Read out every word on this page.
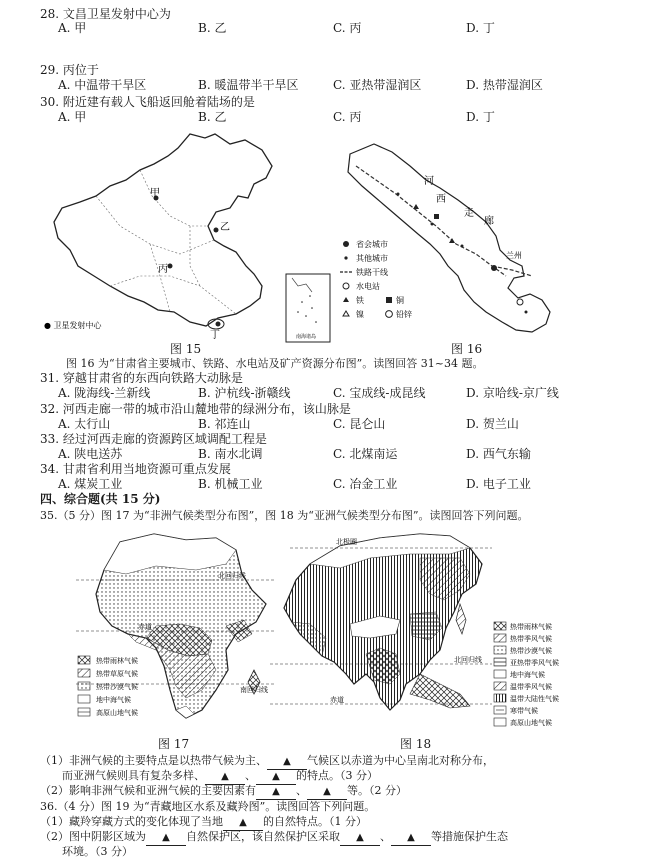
28. 文昌卫星发射中心为
A. 甲	B. 乙	C. 丙	D. 丁
29. 丙位于
A. 中温带干旱区	B. 暖温带半干旱区	C. 亚热带湿润区	D. 热带湿润区
30. 附近建有载人飞船返回舱着陆场的是
A. 甲	B. 乙	C. 丙	D. 丁
甲
乙
丙
丁	南海诸岛
● 卫星发射中心
图 15
河
西
走
廊
兰州
省会城市
其他城市
铁路干线
水电站
铁	铜
镍	铅锌
图 16
图 16 为“甘肃省主要城市、铁路、水电站及矿产资源分布图”。读图回答 31~34 题。
31. 穿越甘肃省的东西向铁路大动脉是
A. 陇海线-兰新线	B. 沪杭线-浙赣线	C. 宝成线-成昆线	D. 京哈线-京广线
32. 河西走廊一带的城市沿山麓地带的绿洲分布，该山脉是
A. 太行山	B. 祁连山	C. 昆仑山	D. 贺兰山
33. 经过河西走廊的资源跨区域调配工程是
A. 陕电送苏	B. 南水北调	C. 北煤南运	D. 西气东输
34. 甘肃省利用当地资源可重点发展
A. 煤炭工业	B. 机械工业	C. 冶金工业	D. 电子工业
四、综合题(共 15 分)
35.（5 分）图 17 为“非洲气候类型分布图”，图 18 为“亚洲气候类型分布图”。读图回答下列问题。
北回归线
赤道
南回归线
热带雨林气候
热带草原气候
热带沙漠气候
地中海气候
高原山地气候
图 17
北极圈
北回归线
赤道
热带雨林气候
热带季风气候
热带沙漠气候
亚热带季风气候
地中海气候
温带季风气候
温带大陆性气候
寒带气候
高原山地气候
图 18
（1）非洲气候的主要特点是以热带气候为主、 ▲ 气候区以赤道为中心呈南北对称分布，
而亚洲气候则具有复杂多样、 ▲ 、 ▲ 的特点。（3 分）
（2）影响非洲气候和亚洲气候的主要因素有 ▲ 、 ▲ 等。（2 分）
36.（4 分）图 19 为“青藏地区水系及藏羚图”。读图回答下列问题。
（1）藏羚穿藏方式的变化体现了当地 ▲ 的自然特点。（1 分）
（2）图中阴影区域为 ▲ 自然保护区，该自然保护区采取 ▲ 、 ▲ 等措施保护生态
环境。（3 分）
